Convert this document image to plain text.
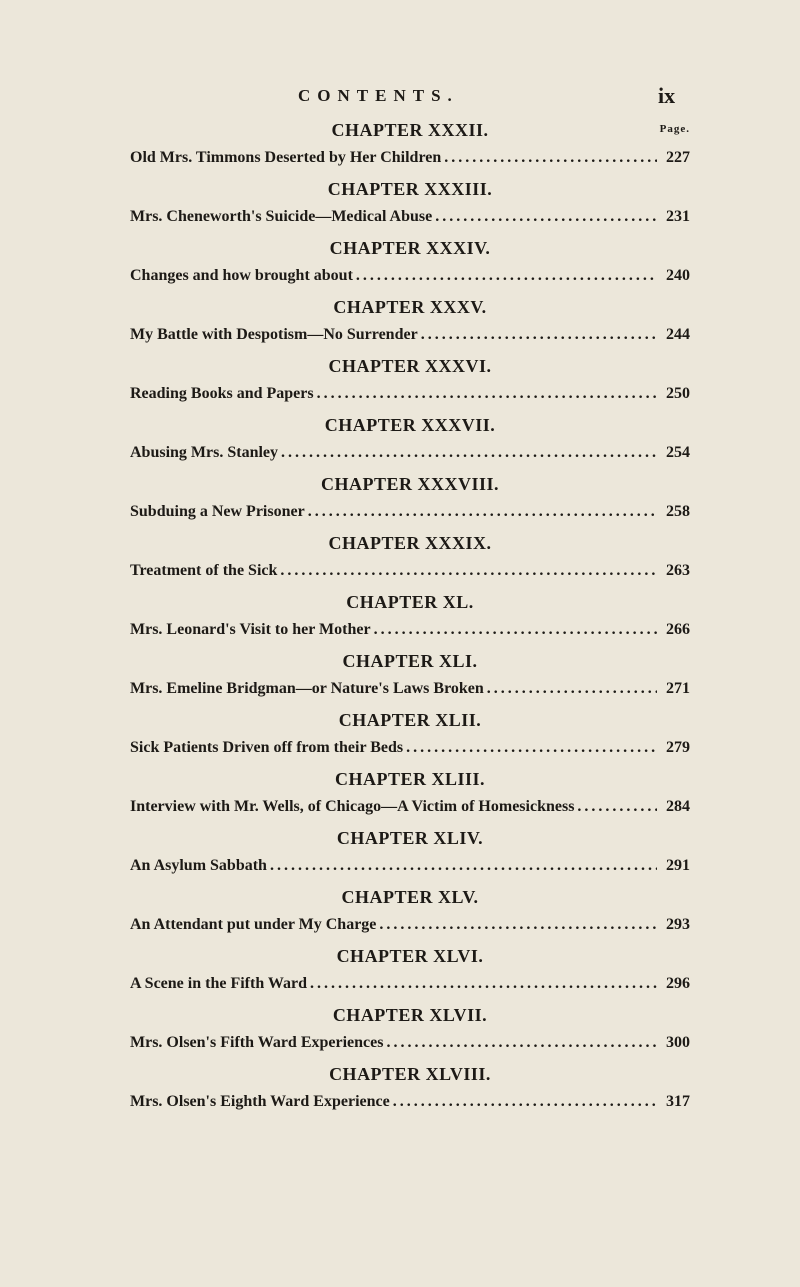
CONTENTS.	ix
CHAPTER XXXII.
Old Mrs. Timmons Deserted by Her Children .....	227
Page.
CHAPTER XXXIII.
Mrs. Cheneworth's Suicide—Medical Abuse .....	231
CHAPTER XXXIV.
Changes and how brought about .....	240
CHAPTER XXXV.
My Battle with Despotism—No Surrender .....	244
CHAPTER XXXVI.
Reading Books and Papers .....	250
CHAPTER XXXVII.
Abusing Mrs. Stanley .....	254
CHAPTER XXXVIII.
Subduing a New Prisoner .....	258
CHAPTER XXXIX.
Treatment of the Sick .....	263
CHAPTER XL.
Mrs. Leonard's Visit to her Mother .....	266
CHAPTER XLI.
Mrs. Emeline Bridgman—or Nature's Laws Broken .....	271
CHAPTER XLII.
Sick Patients Driven off from their Beds .....	279
CHAPTER XLIII.
Interview with Mr. Wells, of Chicago—A Victim of Homesickness .....	284
CHAPTER XLIV.
An Asylum Sabbath .....	291
CHAPTER XLV.
An Attendant put under My Charge .....	293
CHAPTER XLVI.
A Scene in the Fifth Ward .....	296
CHAPTER XLVII.
Mrs. Olsen's Fifth Ward Experiences .....	300
CHAPTER XLVIII.
Mrs. Olsen's Eighth Ward Experience .....	317
